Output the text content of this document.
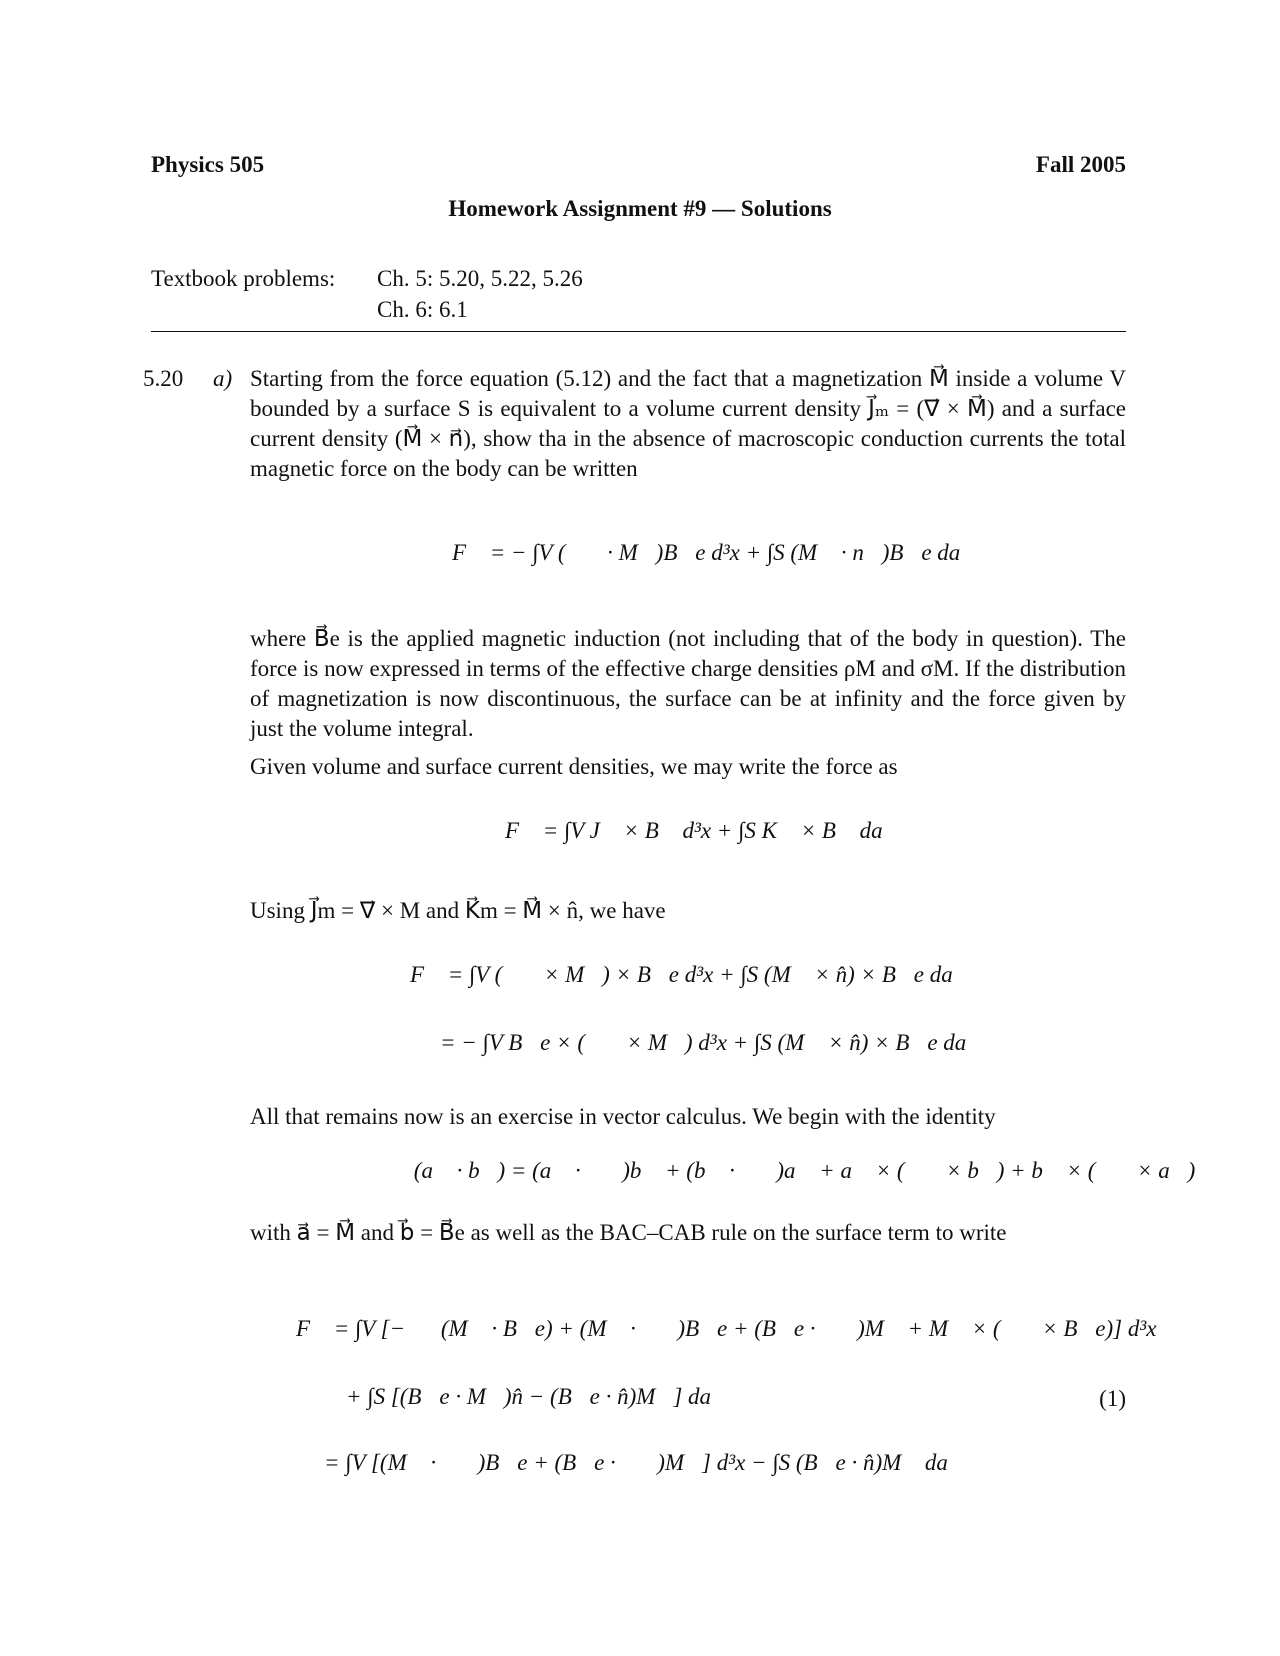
Physics 505	Fall 2005
Homework Assignment #9 — Solutions
Textbook problems: Ch. 5: 5.20, 5.22, 5.26
Ch. 6: 6.1
5.20 a) Starting from the force equation (5.12) and the fact that a magnetization M⃗ inside a volume V bounded by a surface S is equivalent to a volume current density J⃗ₘ = (∇⃗ × M⃗) and a surface current density (M⃗ × n⃗), show tha in the absence of macroscopic conduction currents the total magnetic force on the body can be written
F⃗ = − ∫V (∇⃗ · M⃗)B⃗e d³x + ∫S (M⃗ · n⃗)B⃗e da
where B⃗e is the applied magnetic induction (not including that of the body in question). The force is now expressed in terms of the effective charge densities ρM and σM. If the distribution of magnetization is now discontinuous, the surface can be at infinity and the force given by just the volume integral.
Given volume and surface current densities, we may write the force as
F⃗ = ∫V J⃗ × B⃗ d³x + ∫S K⃗ × B⃗ da
Using J⃗m = ∇⃗ × M and K⃗m = M⃗ × n̂, we have
F⃗ = ∫V (∇⃗ × M⃗) × B⃗e d³x + ∫S (M⃗ × n̂) × B⃗e da
= − ∫V B⃗e × (∇⃗ × M⃗) d³x + ∫S (M⃗ × n̂) × B⃗e da
All that remains now is an exercise in vector calculus. We begin with the identity
∇⃗(a⃗ · b⃗) = (a⃗ · ∇⃗)b⃗ + (b⃗ · ∇⃗)a⃗ + a⃗ × (∇⃗ × b⃗) + b⃗ × (∇⃗ × a⃗)
with a⃗ = M⃗ and b⃗ = B⃗e as well as the BAC–CAB rule on the surface term to write
F⃗ = ∫V [−∇⃗(M⃗ · B⃗e) + (M⃗ · ∇⃗)B⃗e + (B⃗e · ∇⃗)M⃗ + M⃗ × (∇⃗ × B⃗e)] d³x
+ ∫S [(B⃗e · M⃗)n̂ − (B⃗e · n̂)M⃗] da	(1)
= ∫V [(M⃗ · ∇⃗)B⃗e + (B⃗e · ∇⃗)M⃗] d³x − ∫S (B⃗e · n̂)M⃗ da
